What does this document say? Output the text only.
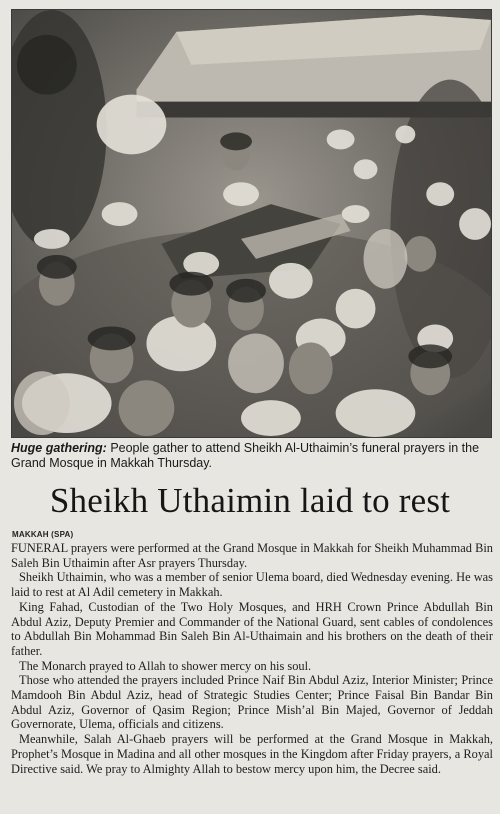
Huge gathering: People gather to attend Sheikh Al-Uthaimin’s funeral prayers in the Grand Mosque in Makkah Thursday.
Sheikh Uthaimin laid to rest
MAKKAH (SPA)

FUNERAL prayers were performed at the Grand Mosque in Makkah for Sheikh Muhammad Bin Saleh Bin Uthaimin after Asr prayers Thursday.

Sheikh Uthaimin, who was a member of senior Ulema board, died Wednesday evening. He was laid to rest at Al Adil cemetery in Makkah.

King Fahad, Custodian of the Two Holy Mosques, and HRH Crown Prince Abdullah Bin Abdul Aziz, Deputy Premier and Commander of the National Guard, sent cables of condolences to Abdullah Bin Mohammad Bin Saleh Bin Al-Uthaimain and his brothers on the death of their father.

The Monarch prayed to Allah to shower mercy on his soul.

Those who attended the prayers included Prince Naif Bin Abdul Aziz, Interior Minister; Prince Mamdooh Bin Abdul Aziz, head of Strategic Studies Center; Prince Faisal Bin Bandar Bin Abdul Aziz, Governor of Qasim Region; Prince Mish’al Bin Majed, Governor of Jeddah Governorate, Ulema, officials and citizens.

Meanwhile, Salah Al-Ghaeb prayers will be performed at the Grand Mosque in Makkah, Prophet’s Mosque in Madina and all other mosques in the Kingdom after Friday prayers, a Royal Directive said. We pray to Almighty Allah to bestow mercy upon him, the Decree said.
